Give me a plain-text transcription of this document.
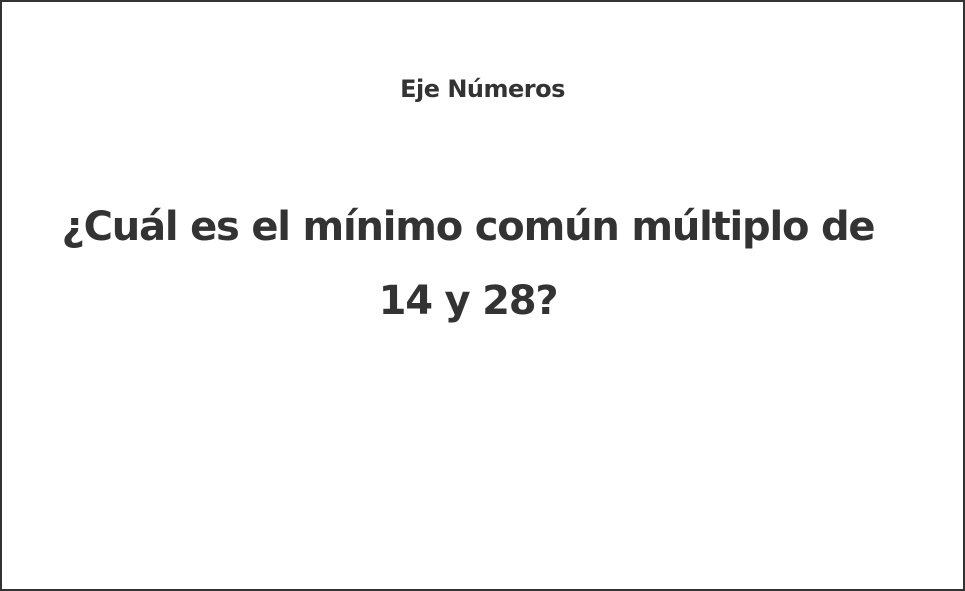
Eje Números
¿Cuál es el mínimo común múltiplo de 14 y 28?
